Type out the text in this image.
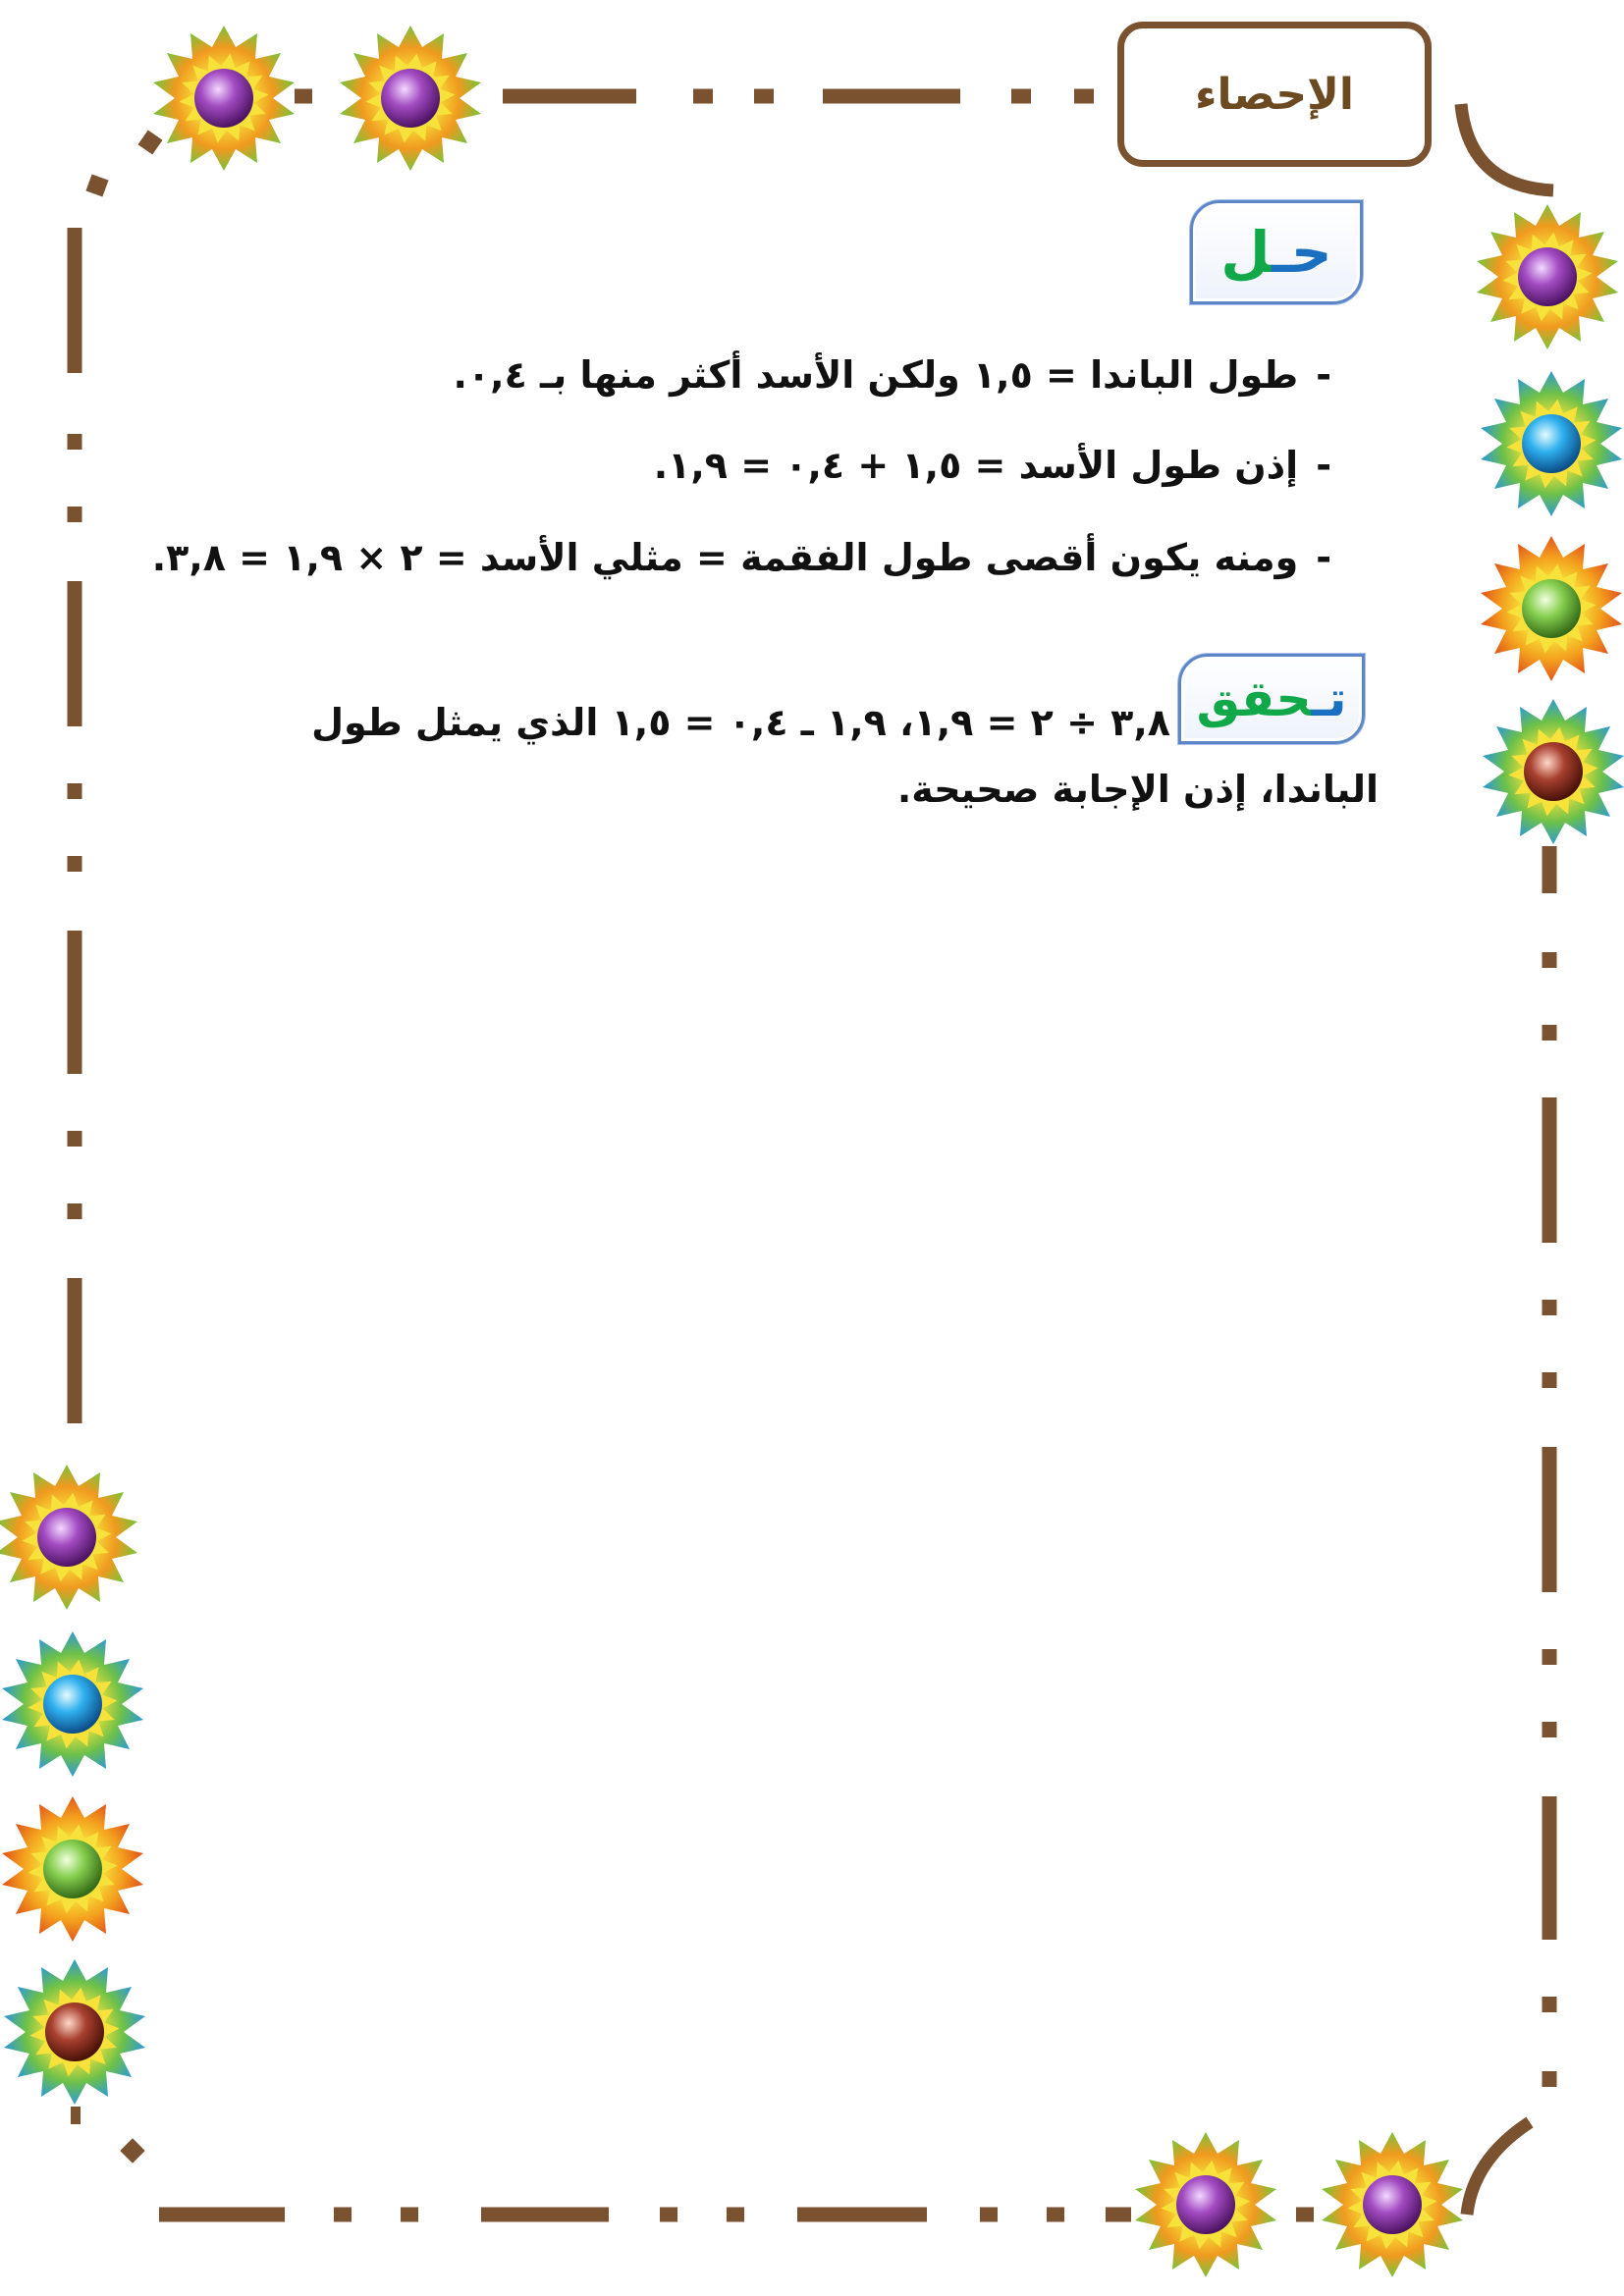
الإحصاء
حـل
-طول الباندا = ١,٥ ولكن الأسد أكثر منها بـ ٠,٤.
-إذن طول الأسد = ١,٥ + ٠,٤ = ١,٩.
-ومنه يكون أقصى طول الفقمة = مثلي الأسد = ٢ × ١,٩ = ٣,٨.
تـحقق
٣,٨ ÷ ٢ = ١,٩، ١,٩ ـ ٠,٤ = ١,٥ الذي يمثل طول
الباندا، إذن الإجابة صحيحة.
